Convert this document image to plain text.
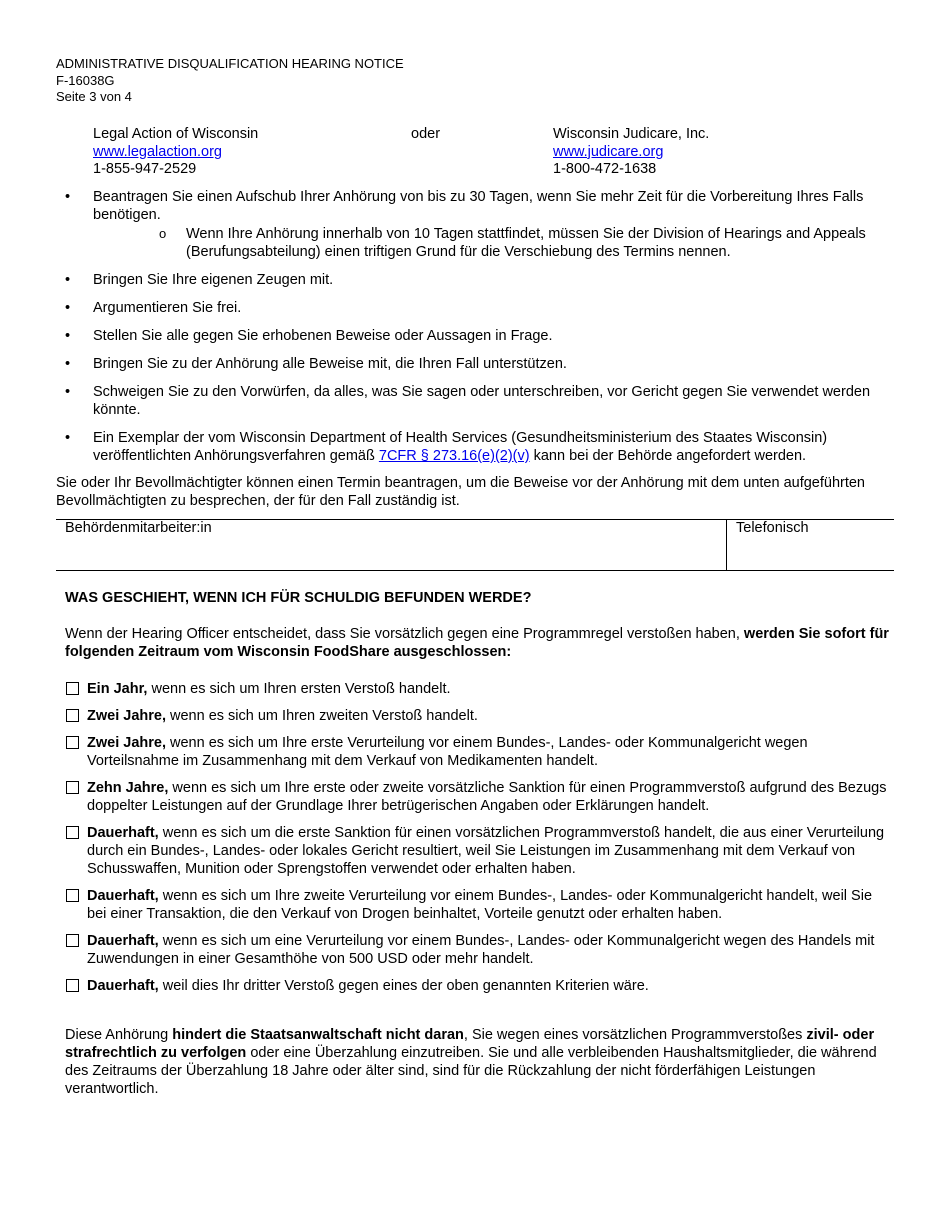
ADMINISTRATIVE DISQUALIFICATION HEARING NOTICE
F-16038G
Seite 3 von 4
Legal Action of Wisconsin
www.legalaction.org
1-855-947-2529
oder	Wisconsin Judicare, Inc.
www.judicare.org
1-800-472-1638
• Beantragen Sie einen Aufschub Ihrer Anhörung von bis zu 30 Tagen, wenn Sie mehr Zeit für die Vorbereitung Ihres Falls benötigen.
o Wenn Ihre Anhörung innerhalb von 10 Tagen stattfindet, müssen Sie der Division of Hearings and Appeals (Berufungsabteilung) einen triftigen Grund für die Verschiebung des Termins nennen.
• Bringen Sie Ihre eigenen Zeugen mit.
• Argumentieren Sie frei.
• Stellen Sie alle gegen Sie erhobenen Beweise oder Aussagen in Frage.
• Bringen Sie zu der Anhörung alle Beweise mit, die Ihren Fall unterstützen.
• Schweigen Sie zu den Vorwürfen, da alles, was Sie sagen oder unterschreiben, vor Gericht gegen Sie verwendet werden könnte.
• Ein Exemplar der vom Wisconsin Department of Health Services (Gesundheitsministerium des Staates Wisconsin) veröffentlichten Anhörungsverfahren gemäß 7CFR § 273.16(e)(2)(v) kann bei der Behörde angefordert werden.
Sie oder Ihr Bevollmächtigter können einen Termin beantragen, um die Beweise vor der Anhörung mit dem unten aufgeführten Bevollmächtigten zu besprechen, der für den Fall zuständig ist.
Behördenmitarbeiter:in	Telefonisch
WAS GESCHIEHT, WENN ICH FÜR SCHULDIG BEFUNDEN WERDE?
Wenn der Hearing Officer entscheidet, dass Sie vorsätzlich gegen eine Programmregel verstoßen haben, werden Sie sofort für folgenden Zeitraum vom Wisconsin FoodShare ausgeschlossen:
Ein Jahr, wenn es sich um Ihren ersten Verstoß handelt.
Zwei Jahre, wenn es sich um Ihren zweiten Verstoß handelt.
Zwei Jahre, wenn es sich um Ihre erste Verurteilung vor einem Bundes-, Landes- oder Kommunalgericht wegen Vorteilsnahme im Zusammenhang mit dem Verkauf von Medikamenten handelt.
Zehn Jahre, wenn es sich um Ihre erste oder zweite vorsätzliche Sanktion für einen Programmverstoß aufgrund des Bezugs doppelter Leistungen auf der Grundlage Ihrer betrügerischen Angaben oder Erklärungen handelt.
Dauerhaft, wenn es sich um die erste Sanktion für einen vorsätzlichen Programmverstoß handelt, die aus einer Verurteilung durch ein Bundes-, Landes- oder lokales Gericht resultiert, weil Sie Leistungen im Zusammenhang mit dem Verkauf von Schusswaffen, Munition oder Sprengstoffen verwendet oder erhalten haben.
Dauerhaft, wenn es sich um Ihre zweite Verurteilung vor einem Bundes-, Landes- oder Kommunalgericht handelt, weil Sie bei einer Transaktion, die den Verkauf von Drogen beinhaltet, Vorteile genutzt oder erhalten haben.
Dauerhaft, wenn es sich um eine Verurteilung vor einem Bundes-, Landes- oder Kommunalgericht wegen des Handels mit Zuwendungen in einer Gesamthöhe von 500 USD oder mehr handelt.
Dauerhaft, weil dies Ihr dritter Verstoß gegen eines der oben genannten Kriterien wäre.
Diese Anhörung hindert die Staatsanwaltschaft nicht daran, Sie wegen eines vorsätzlichen Programmverstoßes zivil- oder strafrechtlich zu verfolgen oder eine Überzahlung einzutreiben. Sie und alle verbleibenden Haushaltsmitglieder, die während des Zeitraums der Überzahlung 18 Jahre oder älter sind, sind für die Rückzahlung der nicht förderfähigen Leistungen verantwortlich.
